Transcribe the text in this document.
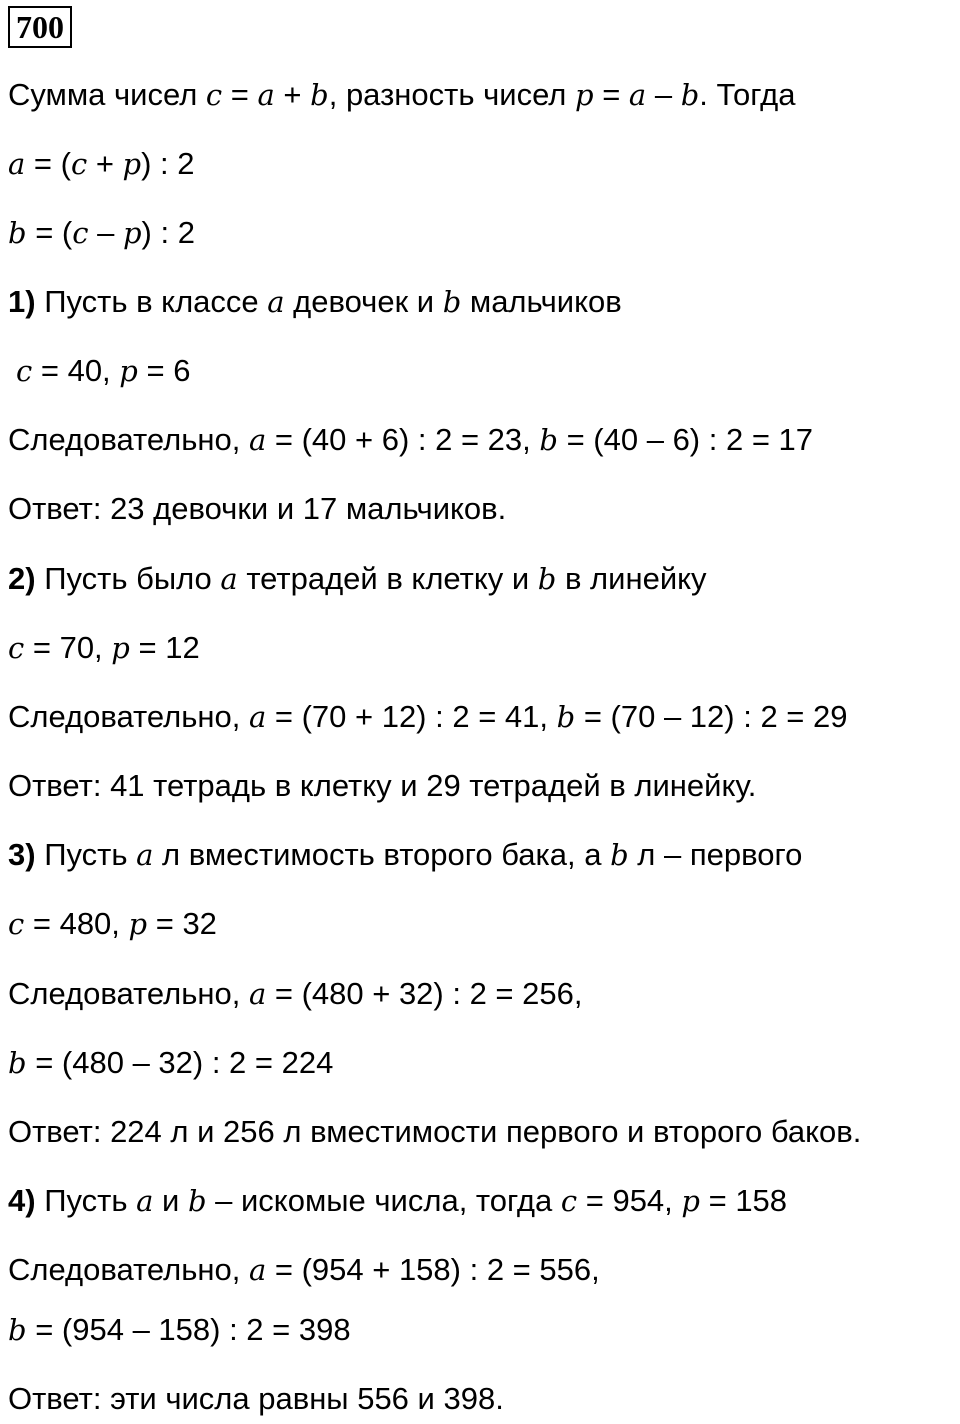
700
Сумма чисел c = a + b, разность чисел p = a – b. Тогда
a = (c + p) : 2
b = (c – p) : 2
1) Пусть в классе a девочек и b мальчиков
c = 40, p = 6
Следовательно, a = (40 + 6) : 2 = 23, b = (40 – 6) : 2 = 17
Ответ: 23 девочки и 17 мальчиков.
2) Пусть было a тетрадей в клетку и b в линейку
c = 70, p = 12
Следовательно, a = (70 + 12) : 2 = 41, b = (70 – 12) : 2 = 29
Ответ: 41 тетрадь в клетку и 29 тетрадей в линейку.
3) Пусть a л вместимость второго бака, а b л – первого
c = 480, p = 32
Следовательно, a = (480 + 32) : 2 = 256,
b = (480 – 32) : 2 = 224
Ответ: 224 л и 256 л вместимости первого и второго баков.
4) Пусть a и b – искомые числа, тогда c = 954, p = 158
Следовательно, a = (954 + 158) : 2 = 556,
b = (954 – 158) : 2 = 398
Ответ: эти числа равны 556 и 398.
